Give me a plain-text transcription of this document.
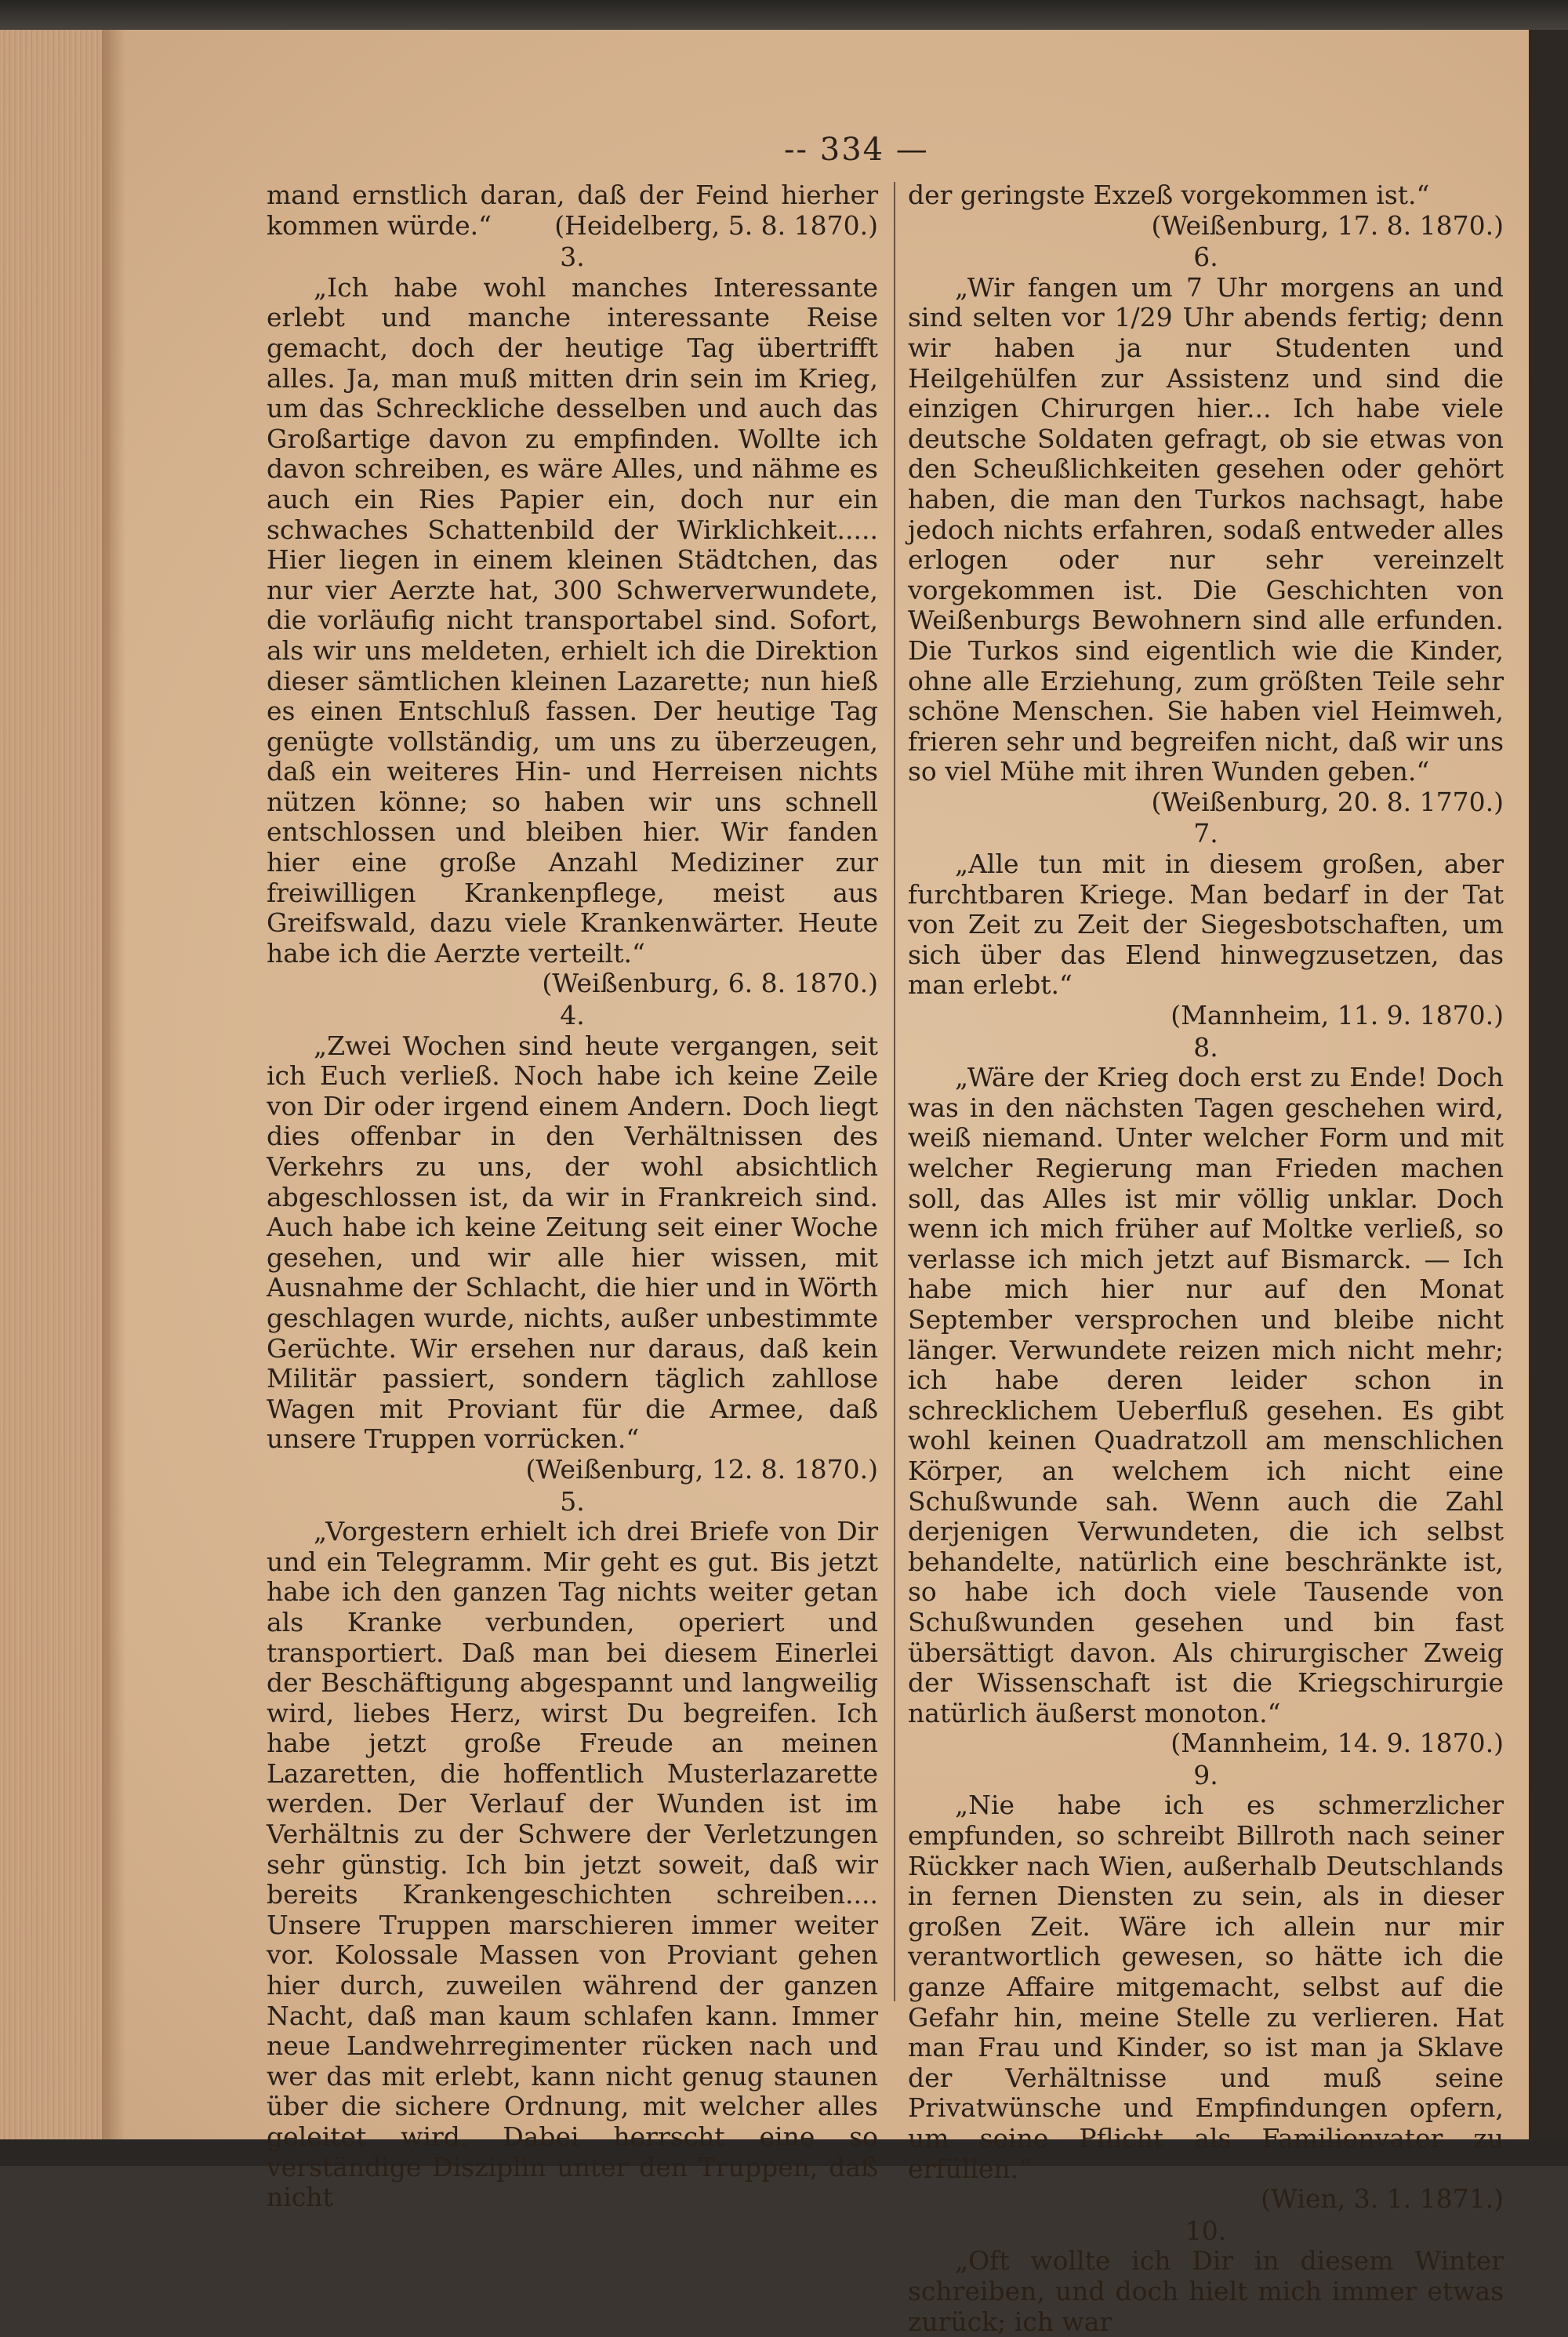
-- 334 —

mand ernstlich daran, daß der Feind hierher kommen würde.“ (Heidelberg, 5. 8. 1870.)

3.

„Ich habe wohl manches Interessante erlebt und manche interessante Reise gemacht, doch der heutige Tag übertrifft alles. Ja, man muß mitten drin sein im Krieg, um das Schreckliche desselben und auch das Großartige davon zu empfinden. Wollte ich davon schreiben, es wäre Alles, und nähme es auch ein Ries Papier ein, doch nur ein schwaches Schattenbild der Wirklichkeit..... Hier liegen in einem kleinen Städtchen, das nur vier Aerzte hat, 300 Schwerverwundete, die vorläufig nicht transportabel sind. Sofort, als wir uns meldeten, erhielt ich die Direktion dieser sämtlichen kleinen Lazarette; nun hieß es einen Entschluß fassen. Der heutige Tag genügte vollständig, um uns zu überzeugen, daß ein weiteres Hin- und Herreisen nichts nützen könne; so haben wir uns schnell entschlossen und bleiben hier. Wir fanden hier eine große Anzahl Mediziner zur freiwilligen Krankenpflege, meist aus Greifswald, dazu viele Krankenwärter. Heute habe ich die Aerzte verteilt.“

(Weißenburg, 6. 8. 1870.)

4.

„Zwei Wochen sind heute vergangen, seit ich Euch verließ. Noch habe ich keine Zeile von Dir oder irgend einem Andern. Doch liegt dies offenbar in den Verhältnissen des Verkehrs zu uns, der wohl absichtlich abgeschlossen ist, da wir in Frankreich sind. Auch habe ich keine Zeitung seit einer Woche gesehen, und wir alle hier wissen, mit Ausnahme der Schlacht, die hier und in Wörth geschlagen wurde, nichts, außer unbestimmte Gerüchte. Wir ersehen nur daraus, daß kein Militär passiert, sondern täglich zahllose Wagen mit Proviant für die Armee, daß unsere Truppen vorrücken.“

(Weißenburg, 12. 8. 1870.)

5.

„Vorgestern erhielt ich drei Briefe von Dir und ein Telegramm. Mir geht es gut. Bis jetzt habe ich den ganzen Tag nichts weiter getan als Kranke verbunden, operiert und transportiert. Daß man bei diesem Einerlei der Beschäftigung abgespannt und langweilig wird, liebes Herz, wirst Du begreifen. Ich habe jetzt große Freude an meinen Lazaretten, die hoffentlich Musterlazarette werden. Der Verlauf der Wunden ist im Verhältnis zu der Schwere der Verletzungen sehr günstig. Ich bin jetzt soweit, daß wir bereits Krankengeschichten schreiben.... Unsere Truppen marschieren immer weiter vor. Kolossale Massen von Proviant gehen hier durch, zuweilen während der ganzen Nacht, daß man kaum schlafen kann. Immer neue Landwehrregimenter rücken nach und wer das mit erlebt, kann nicht genug staunen über die sichere Ordnung, mit welcher alles geleitet wird. Dabei herrscht eine so verständige Disziplin unter den Truppen, daß nicht

der geringste Exzeß vorgekommen ist.“

(Weißenburg, 17. 8. 1870.)

6.

„Wir fangen um 7 Uhr morgens an und sind selten vor 1/29 Uhr abends fertig; denn wir haben ja nur Studenten und Heilgehülfen zur Assistenz und sind die einzigen Chirurgen hier... Ich habe viele deutsche Soldaten gefragt, ob sie etwas von den Scheußlichkeiten gesehen oder gehört haben, die man den Turkos nachsagt, habe jedoch nichts erfahren, sodaß entweder alles erlogen oder nur sehr vereinzelt vorgekommen ist. Die Geschichten von Weißenburgs Bewohnern sind alle erfunden. Die Turkos sind eigentlich wie die Kinder, ohne alle Erziehung, zum größten Teile sehr schöne Menschen. Sie haben viel Heimweh, frieren sehr und begreifen nicht, daß wir uns so viel Mühe mit ihren Wunden geben.“

(Weißenburg, 20. 8. 1770.)

7.

„Alle tun mit in diesem großen, aber furchtbaren Kriege. Man bedarf in der Tat von Zeit zu Zeit der Siegesbotschaften, um sich über das Elend hinwegzusetzen, das man erlebt.“

(Mannheim, 11. 9. 1870.)

8.

„Wäre der Krieg doch erst zu Ende! Doch was in den nächsten Tagen geschehen wird, weiß niemand. Unter welcher Form und mit welcher Regierung man Frieden machen soll, das Alles ist mir völlig unklar. Doch wenn ich mich früher auf Moltke verließ, so verlasse ich mich jetzt auf Bismarck. — Ich habe mich hier nur auf den Monat September versprochen und bleibe nicht länger. Verwundete reizen mich nicht mehr; ich habe deren leider schon in schrecklichem Ueberfluß gesehen. Es gibt wohl keinen Quadratzoll am menschlichen Körper, an welchem ich nicht eine Schußwunde sah. Wenn auch die Zahl derjenigen Verwundeten, die ich selbst behandelte, natürlich eine beschränkte ist, so habe ich doch viele Tausende von Schußwunden gesehen und bin fast übersättigt davon. Als chirurgischer Zweig der Wissenschaft ist die Kriegschirurgie natürlich äußerst monoton.“

(Mannheim, 14. 9. 1870.)

9.

„Nie habe ich es schmerzlicher empfunden, so schreibt Billroth nach seiner Rückker nach Wien, außerhalb Deutschlands in fernen Diensten zu sein, als in dieser großen Zeit. Wäre ich allein nur mir verantwortlich gewesen, so hätte ich die ganze Affaire mitgemacht, selbst auf die Gefahr hin, meine Stelle zu verlieren. Hat man Frau und Kinder, so ist man ja Sklave der Verhältnisse und muß seine Privatwünsche und Empfindungen opfern, um seine Pflicht als Familienvater zu erfüllen.“

(Wien, 3. 1. 1871.)

10.

„Oft wollte ich Dir in diesem Winter schreiben, und doch hielt mich immer etwas zurück; ich war
